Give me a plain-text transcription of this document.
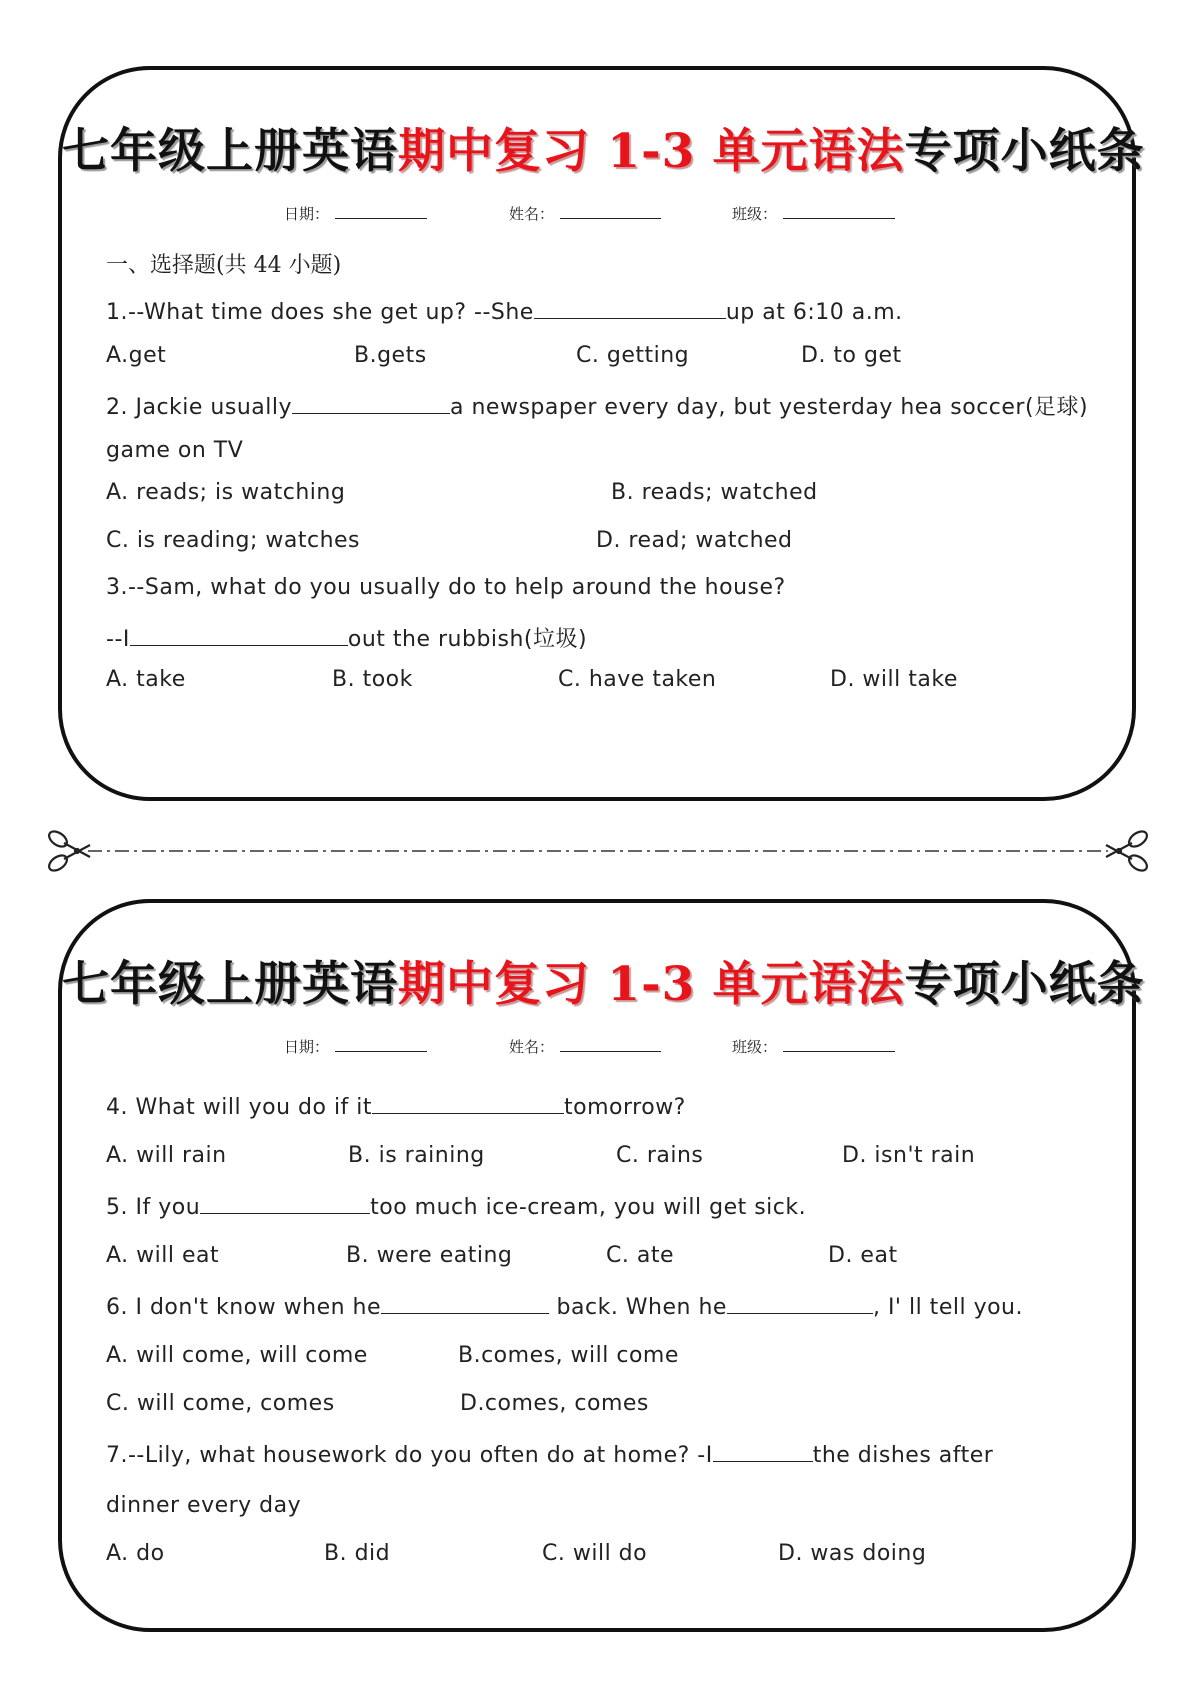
七年级上册英语期中复习 1-3 单元语法专项小纸条
日期：	姓名：	班级：
一、选择题(共 44 小题)
1.--What time does she get up? --She	up at 6:10 a.m.
A.get	B.gets	C. getting	D. to get
2. Jackie usually	a newspaper every day, but yesterday hea soccer(足球)
game on TV
A. reads; is watching	B. reads; watched
C. is reading; watches	D. read; watched
3.--Sam, what do you usually do to help around the house?
--I	out the rubbish(垃圾)
A. take	B. took	C. have taken	D. will take
七年级上册英语期中复习 1-3 单元语法专项小纸条
日期：	姓名：	班级：
4. What will you do if it	tomorrow?
A. will rain	B. is raining	C. rains	D. isn't rain
5. If you	too much ice-cream, you will get sick.
A. will eat	B. were eating	C. ate	D. eat
6. I don't know when he	back. When he	, I' ll tell you.
A. will come, will come	B.comes, will come
C. will come, comes	D.comes, comes
7.--Lily, what housework do you often do at home? -I	the dishes after
dinner every day
A. do	B. did	C. will do	D. was doing
